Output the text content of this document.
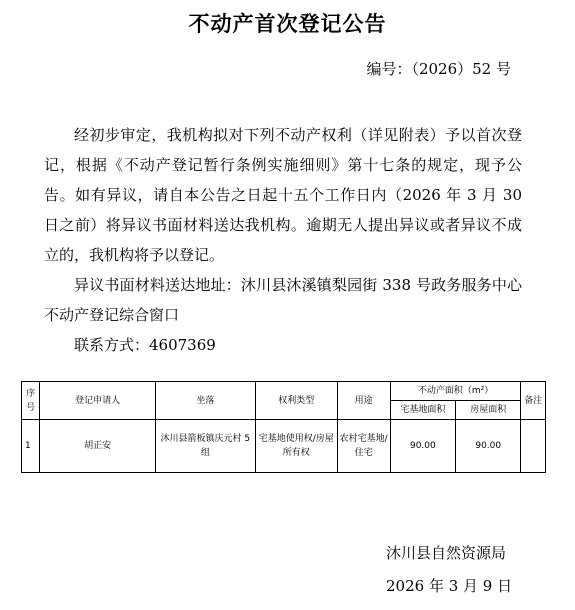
不动产首次登记公告
编号：（2026）52 号

经初步审定，我机构拟对下列不动产权利（详见附表）予以首次登记，根据《不动产登记暂行条例实施细则》第十七条的规定，现予公告。如有异议，请自本公告之日起十五个工作日内（2026 年 3 月 30 日之前）将异议书面材料送达我机构。逾期无人提出异议或者异议不成立的，我机构将予以登记。

异议书面材料送达地址：沐川县沐溪镇梨园街 338 号政务服务中心不动产登记综合窗口

联系方式：4607369

序号	登记申请人	坐落	权利类型	用途	不动产面积（m²）		备注
					宅基地面积	房屋面积	
1	胡正安	沐川县箭板镇庆元村 5 组	宅基地使用权/房屋所有权	农村宅基地/住宅	90.00	90.00	
沐川县自然资源局
2026 年 3 月 9 日
